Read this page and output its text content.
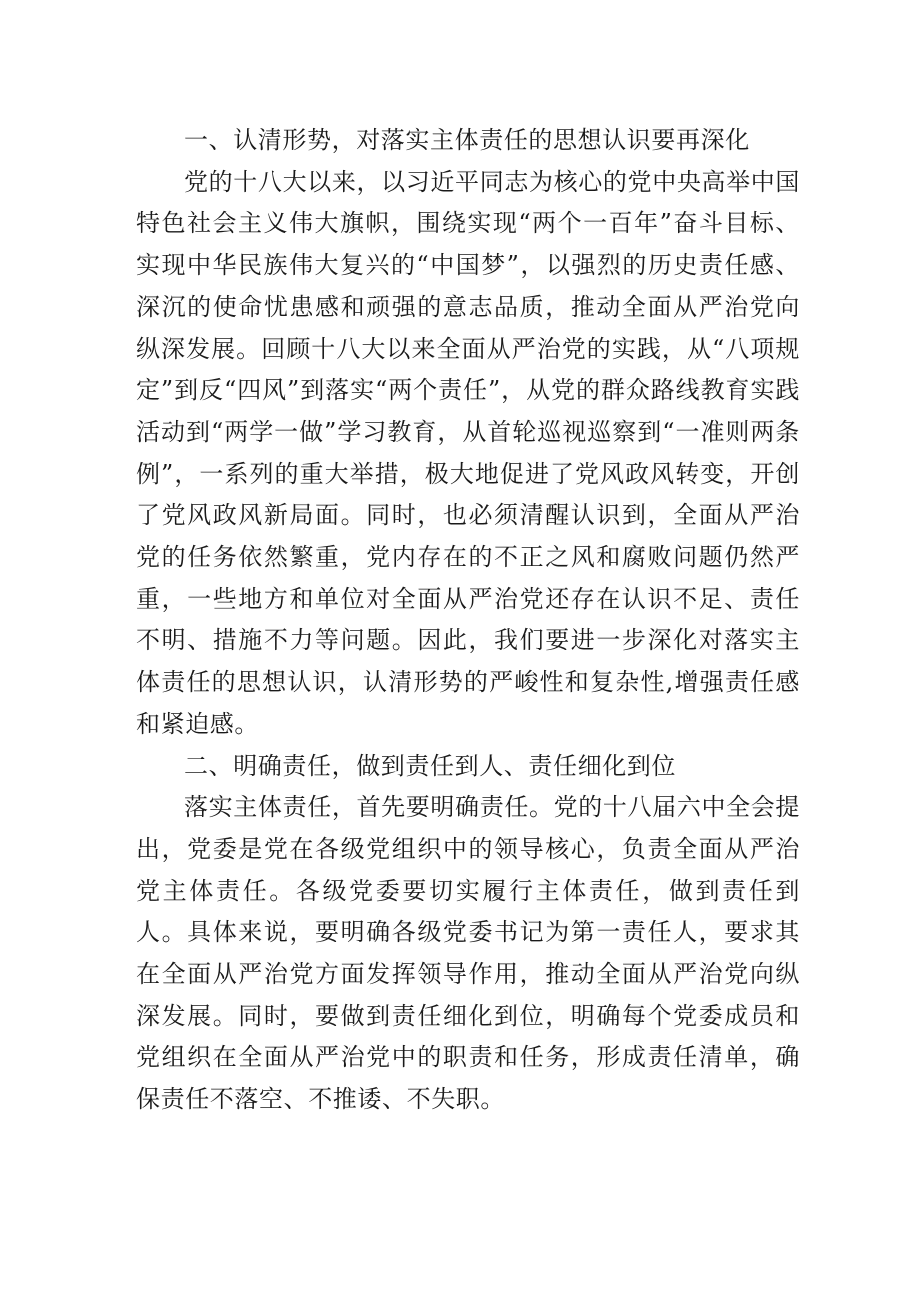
一、认清形势，对落实主体责任的思想认识要再深化

党的十八大以来，以习近平同志为核心的党中央高举中国特色社会主义伟大旗帜，围绕实现“两个一百年”奋斗目标、实现中华民族伟大复兴的“中国梦”，以强烈的历史责任感、深沉的使命忧患感和顽强的意志品质，推动全面从严治党向纵深发展。回顾十八大以来全面从严治党的实践，从“八项规定”到反“四风”到落实“两个责任”，从党的群众路线教育实践活动到“两学一做”学习教育，从首轮巡视巡察到“一准则两条例”，一系列的重大举措，极大地促进了党风政风转变，开创了党风政风新局面。同时，也必须清醒认识到，全面从严治党的任务依然繁重，党内存在的不正之风和腐败问题仍然严重，一些地方和单位对全面从严治党还存在认识不足、责任不明、措施不力等问题。因此，我们要进一步深化对落实主体责任的思想认识，认清形势的严峻性和复杂性,增强责任感和紧迫感。

二、明确责任，做到责任到人、责任细化到位

落实主体责任，首先要明确责任。党的十八届六中全会提出，党委是党在各级党组织中的领导核心，负责全面从严治党主体责任。各级党委要切实履行主体责任，做到责任到人。具体来说，要明确各级党委书记为第一责任人，要求其在全面从严治党方面发挥领导作用，推动全面从严治党向纵深发展。同时，要做到责任细化到位，明确每个党委成员和党组织在全面从严治党中的职责和任务，形成责任清单，确保责任不落空、不推诿、不失职。
